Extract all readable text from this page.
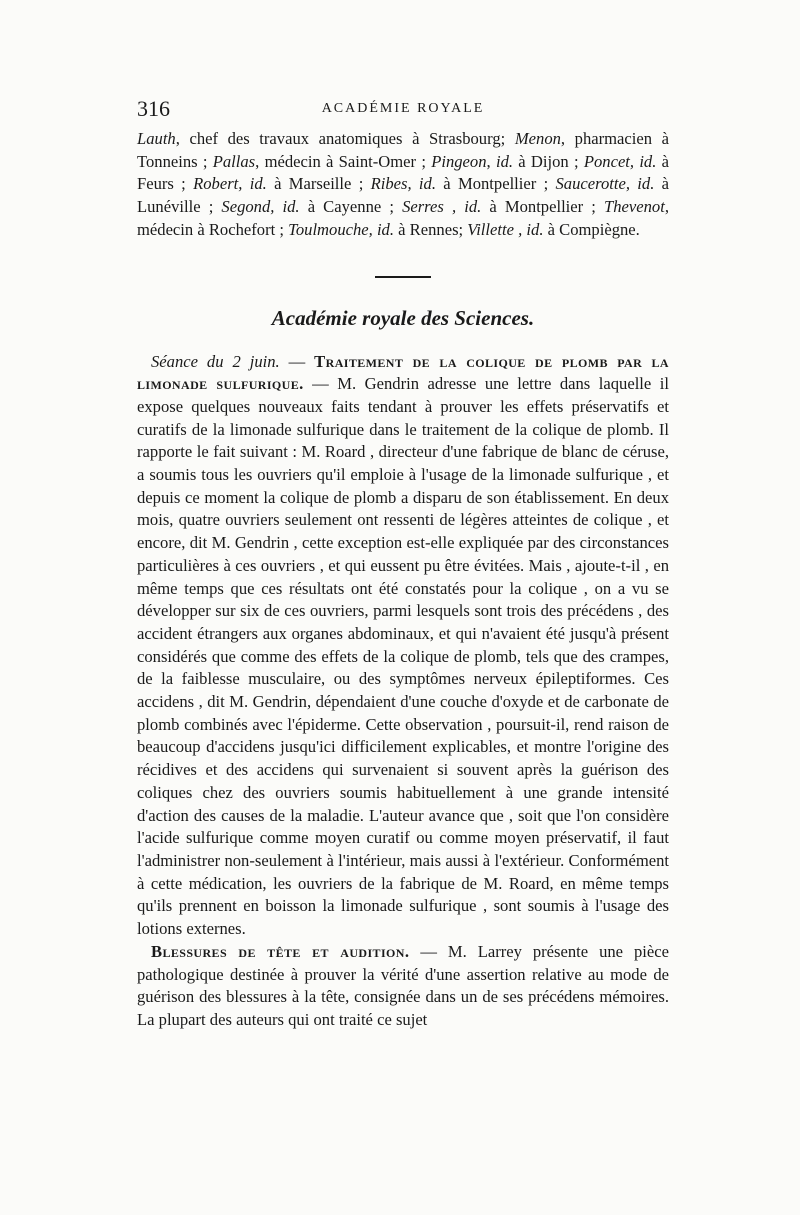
316	ACADÉMIE ROYALE

Lauth, chef des travaux anatomiques à Strasbourg; Menon, pharmacien à Tonneins ; Pallas, médecin à Saint-Omer ; Pingeon, id. à Dijon ; Poncet, id. à Feurs ; Robert, id. à Marseille ; Ribes, id. à Montpellier ; Saucerotte, id. à Lunéville ; Segond, id. à Cayenne ; Serres , id. à Montpellier ; Thevenot, médecin à Rochefort ; Toulmouche, id. à Rennes; Villette , id. à Compiègne.

Académie royale des Sciences.

Séance du 2 juin. — Traitement de la colique de plomb par la limonade sulfurique. — M. Gendrin adresse une lettre dans laquelle il expose quelques nouveaux faits tendant à prouver les effets préservatifs et curatifs de la limonade sulfurique dans le traitement de la colique de plomb. Il rapporte le fait suivant : M. Roard , directeur d'une fabrique de blanc de céruse, a soumis tous les ouvriers qu'il emploie à l'usage de la limonade sulfurique , et depuis ce moment la colique de plomb a disparu de son établissement. En deux mois, quatre ouvriers seulement ont ressenti de légères atteintes de colique , et encore, dit M. Gendrin , cette exception est-elle expliquée par des circonstances particulières à ces ouvriers , et qui eussent pu être évitées. Mais , ajoute-t-il , en même temps que ces résultats ont été constatés pour la colique , on a vu se développer sur six de ces ouvriers, parmi lesquels sont trois des précédens , des accident étrangers aux organes abdominaux, et qui n'avaient été jusqu'à présent considérés que comme des effets de la colique de plomb, tels que des crampes, de la faiblesse musculaire, ou des symptômes nerveux épileptiformes. Ces accidens , dit M. Gendrin, dépendaient d'une couche d'oxyde et de carbonate de plomb combinés avec l'épiderme. Cette observation , poursuit-il, rend raison de beaucoup d'accidens jusqu'ici difficilement explicables, et montre l'origine des récidives et des accidens qui survenaient si souvent après la guérison des coliques chez des ouvriers soumis habituellement à une grande intensité d'action des causes de la maladie. L'auteur avance que , soit que l'on considère l'acide sulfurique comme moyen curatif ou comme moyen préservatif, il faut l'administrer non-seulement à l'intérieur, mais aussi à l'extérieur. Conformément à cette médication, les ouvriers de la fabrique de M. Roard, en même temps qu'ils prennent en boisson la limonade sulfurique , sont soumis à l'usage des lotions externes.

Blessures de tête et audition. — M. Larrey présente une pièce pathologique destinée à prouver la vérité d'une assertion relative au mode de guérison des blessures à la tête, consignée dans un de ses précédens mémoires. La plupart des auteurs qui ont traité ce sujet
